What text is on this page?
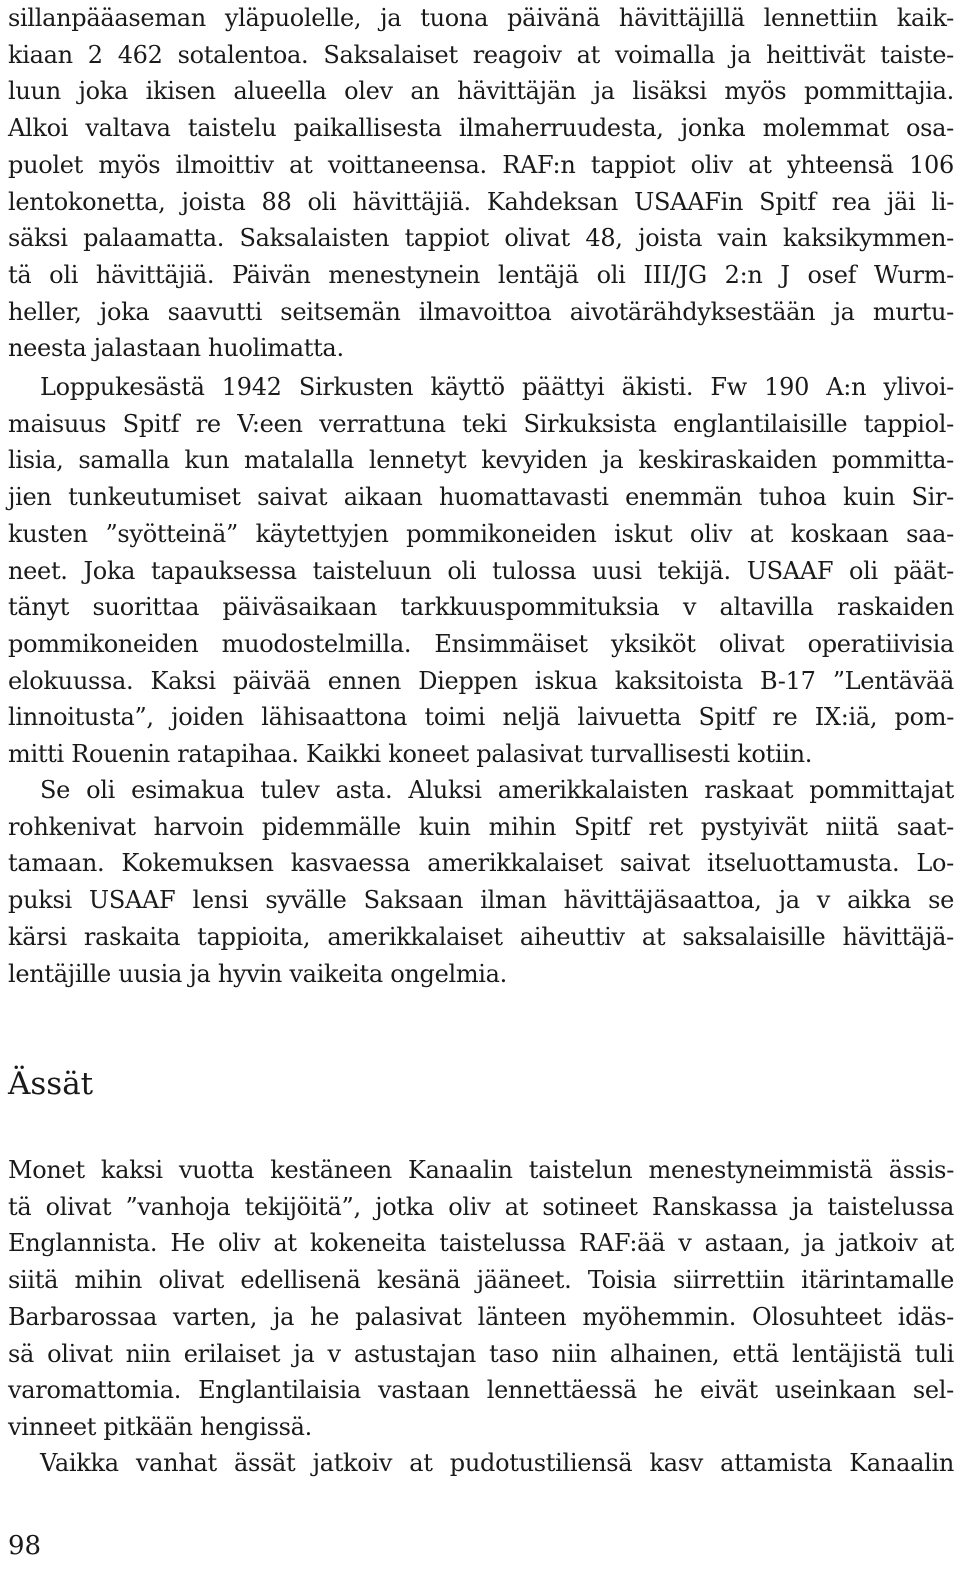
sillanpääaseman yläpuolelle, ja tuona päivänä hävittäjillä lennettiin kaik-
kiaan 2 462 sotalentoa. Saksalaiset reagoiv at voimalla ja heittivät taiste-
luun joka ikisen alueella olev an hävittäjän ja lisäksi myös pommittajia.
Alkoi valtava taistelu paikallisesta ilmaherruudesta, jonka molemmat osa-
puolet myös ilmoittiv at voittaneensa. RAF:n tappiot oliv at yhteensä 106
lentokonetta, joista 88 oli hävittäjiä. Kahdeksan USAAFin Spitf rea jäi li-
säksi palaamatta. Saksalaisten tappiot olivat 48, joista vain kaksikymmen-
tä oli hävittäjiä. Päivän menestynein lentäjä oli III/JG 2:n J osef Wurm-
heller, joka saavutti seitsemän ilmavoittoa aivotärähdyksestään ja murtu-
neesta jalastaan huolimatta.
Loppukesästä 1942 Sirkusten käyttö päättyi äkisti. Fw 190 A:n ylivoi-
maisuus Spitf re V:een verrattuna teki Sirkuksista englantilaisille tappiol-
lisia, samalla kun matalalla lennetyt kevyiden ja keskiraskaiden pommitta-
jien tunkeutumiset saivat aikaan huomattavasti enemmän tuhoa kuin Sir-
kusten ”syötteinä” käytettyjen pommikoneiden iskut oliv at koskaan saa-
neet. Joka tapauksessa taisteluun oli tulossa uusi tekijä. USAAF oli päät-
tänyt suorittaa päiväsaikaan tarkkuuspommituksia v altavilla raskaiden
pommikoneiden muodostelmilla. Ensimmäiset yksiköt olivat operatiivisia
elokuussa. Kaksi päivää ennen Dieppen iskua kaksitoista B-17 ”Lentävää
linnoitusta”, joiden lähisaattona toimi neljä laivuetta Spitf re IX:iä, pom-
mitti Rouenin ratapihaa. Kaikki koneet palasivat turvallisesti kotiin.
Se oli esimakua tulev asta. Aluksi amerikkalaisten raskaat pommittajat
rohkenivat harvoin pidemmälle kuin mihin Spitf ret pystyivät niitä saat-
tamaan. Kokemuksen kasvaessa amerikkalaiset saivat itseluottamusta. Lo-
puksi USAAF lensi syvälle Saksaan ilman hävittäjäsaattoa, ja v aikka se
kärsi raskaita tappioita, amerikkalaiset aiheuttiv at saksalaisille hävittäjä-
lentäjille uusia ja hyvin vaikeita ongelmia.
Ässät
Monet kaksi vuotta kestäneen Kanaalin taistelun menestyneimmistä ässis-
tä olivat ”vanhoja tekijöitä”, jotka oliv at sotineet Ranskassa ja taistelussa
Englannista. He oliv at kokeneita taistelussa RAF:ää v astaan, ja jatkoiv at
siitä mihin olivat edellisenä kesänä jääneet. Toisia siirrettiin itärintamalle
Barbarossaa varten, ja he palasivat länteen myöhemmin. Olosuhteet idäs-
sä olivat niin erilaiset ja v astustajan taso niin alhainen, että lentäjistä tuli
varomattomia. Englantilaisia vastaan lennettäessä he eivät useinkaan sel-
vinneet pitkään hengissä.
Vaikka vanhat ässät jatkoiv at pudotustiliensä kasv attamista Kanaalin
98
